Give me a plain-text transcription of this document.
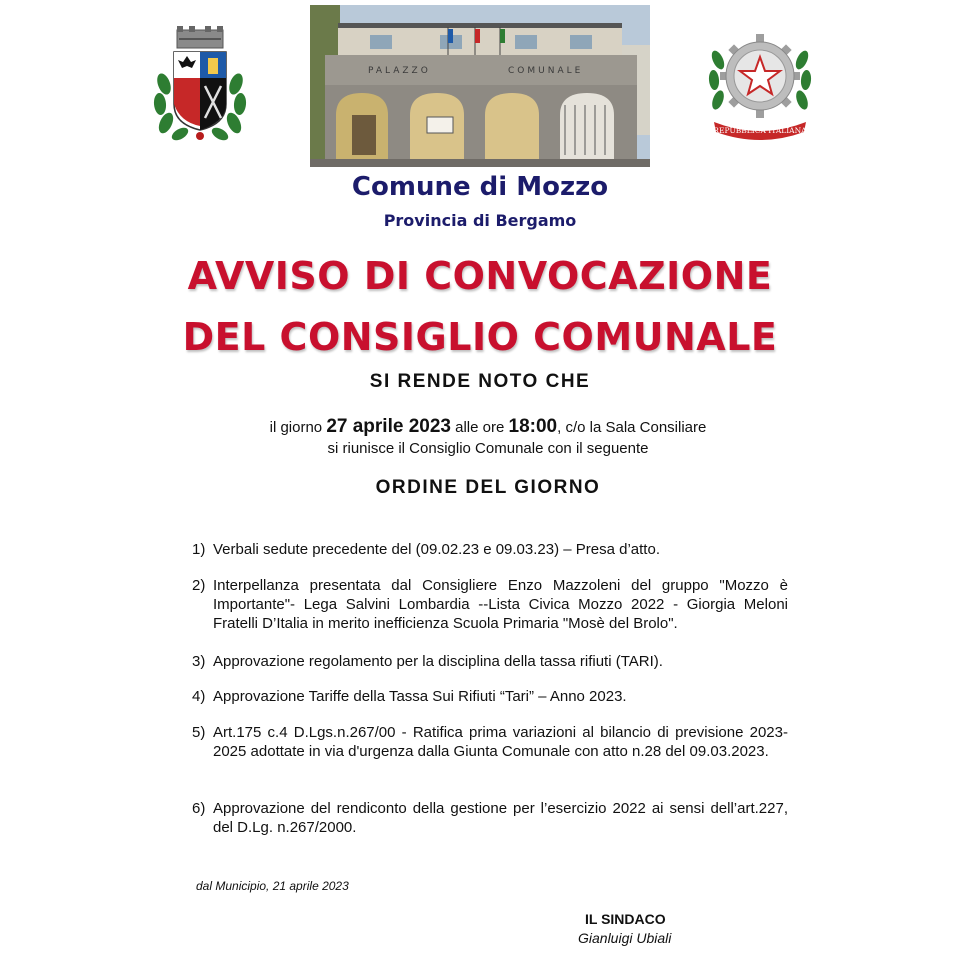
PALAZZO	COMUNALE
REPUBBLICA ITALIANA
Comune di Mozzo
Provincia di Bergamo
AVVISO DI CONVOCAZIONE
DEL CONSIGLIO COMUNALE
SI RENDE NOTO CHE
il giorno 27 aprile 2023 alle ore 18:00, c/o la Sala Consiliare
si riunisce il Consiglio Comunale con il seguente
ORDINE DEL GIORNO
1) Verbali sedute precedente del (09.02.23 e 09.03.23) – Presa d’atto.
2) Interpellanza presentata dal Consigliere Enzo Mazzoleni del gruppo "Mozzo è Importante"- Lega Salvini Lombardia --Lista Civica Mozzo 2022 - Giorgia Meloni Fratelli D’Italia in merito inefficienza Scuola Primaria "Mosè del Brolo".
3) Approvazione regolamento per la disciplina della tassa rifiuti (TARI).
4) Approvazione Tariffe della Tassa Sui Rifiuti “Tari” – Anno 2023.
5) Art.175 c.4 D.Lgs.n.267/00 - Ratifica prima variazioni al bilancio di previsione 2023- 2025 adottate in via d'urgenza dalla Giunta Comunale con atto n.28 del 09.03.2023.
6) Approvazione del rendiconto della gestione per l’esercizio 2022 ai sensi dell’art.227, del D.Lg. n.267/2000.
dal Municipio, 21 aprile 2023
IL SINDACO
Gianluigi Ubiali
